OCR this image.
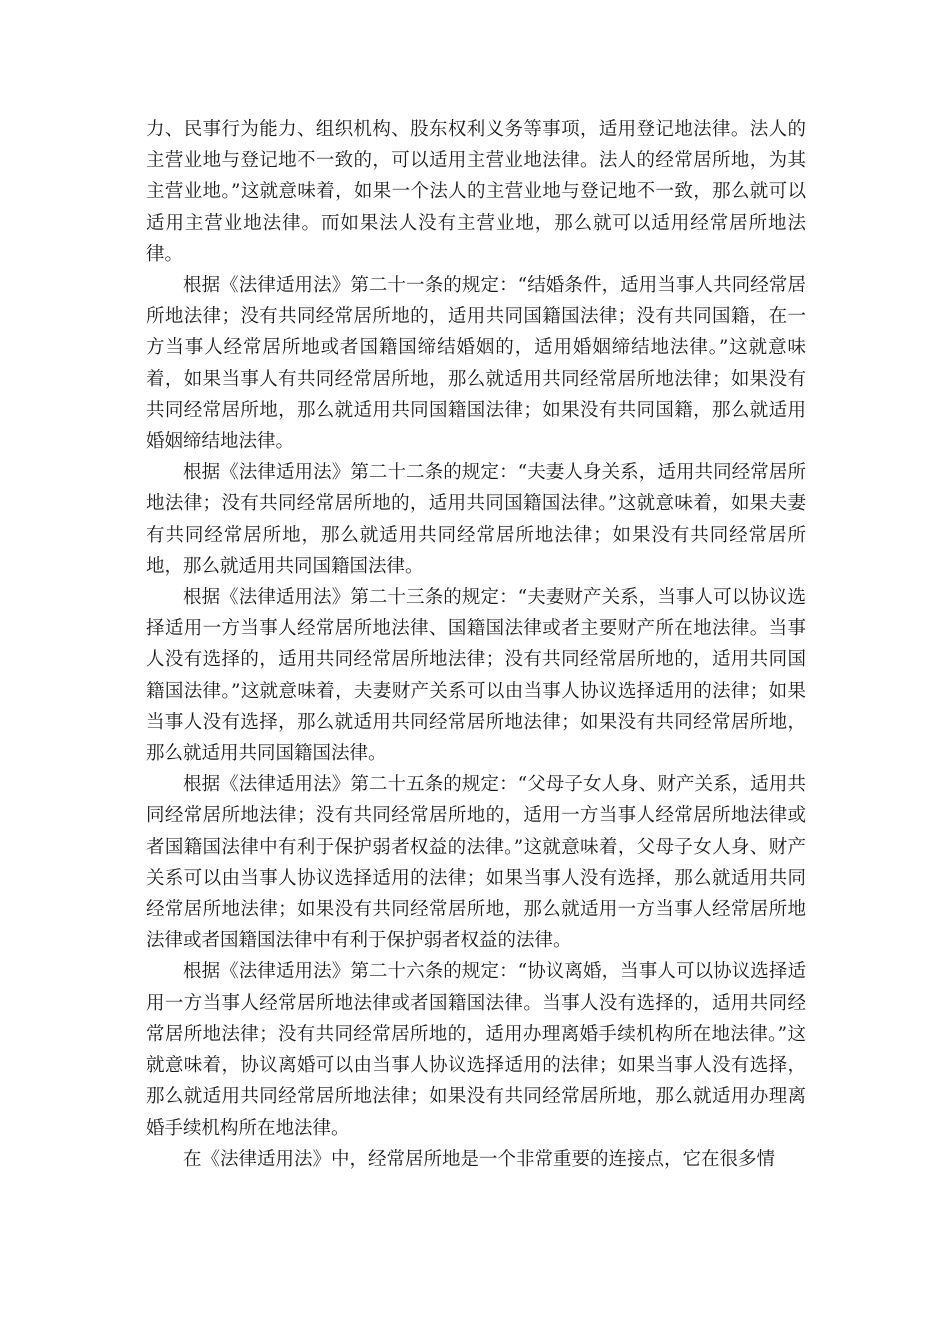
力、民事行为能力、组织机构、股东权利义务等事项，适用登记地法律。法人的主营业地与登记地不一致的，可以适用主营业地法律。法人的经常居所地，为其主营业地。”这就意味着，如果一个法人的主营业地与登记地不一致，那么就可以适用主营业地法律。而如果法人没有主营业地，那么就可以适用经常居所地法律。

根据《法律适用法》第二十一条的规定：“结婚条件，适用当事人共同经常居所地法律；没有共同经常居所地的，适用共同国籍国法律；没有共同国籍，在一方当事人经常居所地或者国籍国缔结婚姻的，适用婚姻缔结地法律。”这就意味着，如果当事人有共同经常居所地，那么就适用共同经常居所地法律；如果没有共同经常居所地，那么就适用共同国籍国法律；如果没有共同国籍，那么就适用婚姻缔结地法律。

根据《法律适用法》第二十二条的规定：“夫妻人身关系，适用共同经常居所地法律；没有共同经常居所地的，适用共同国籍国法律。”这就意味着，如果夫妻有共同经常居所地，那么就适用共同经常居所地法律；如果没有共同经常居所地，那么就适用共同国籍国法律。

根据《法律适用法》第二十三条的规定：“夫妻财产关系，当事人可以协议选择适用一方当事人经常居所地法律、国籍国法律或者主要财产所在地法律。当事人没有选择的，适用共同经常居所地法律；没有共同经常居所地的，适用共同国籍国法律。”这就意味着，夫妻财产关系可以由当事人协议选择适用的法律；如果当事人没有选择，那么就适用共同经常居所地法律；如果没有共同经常居所地，那么就适用共同国籍国法律。

根据《法律适用法》第二十五条的规定：“父母子女人身、财产关系，适用共同经常居所地法律；没有共同经常居所地的，适用一方当事人经常居所地法律或者国籍国法律中有利于保护弱者权益的法律。”这就意味着，父母子女人身、财产关系可以由当事人协议选择适用的法律；如果当事人没有选择，那么就适用共同经常居所地法律；如果没有共同经常居所地，那么就适用一方当事人经常居所地法律或者国籍国法律中有利于保护弱者权益的法律。

根据《法律适用法》第二十六条的规定：“协议离婚，当事人可以协议选择适用一方当事人经常居所地法律或者国籍国法律。当事人没有选择的，适用共同经常居所地法律；没有共同经常居所地的，适用办理离婚手续机构所在地法律。”这就意味着，协议离婚可以由当事人协议选择适用的法律；如果当事人没有选择，那么就适用共同经常居所地法律；如果没有共同经常居所地，那么就适用办理离婚手续机构所在地法律。

在《法律适用法》中，经常居所地是一个非常重要的连接点，它在很多情
